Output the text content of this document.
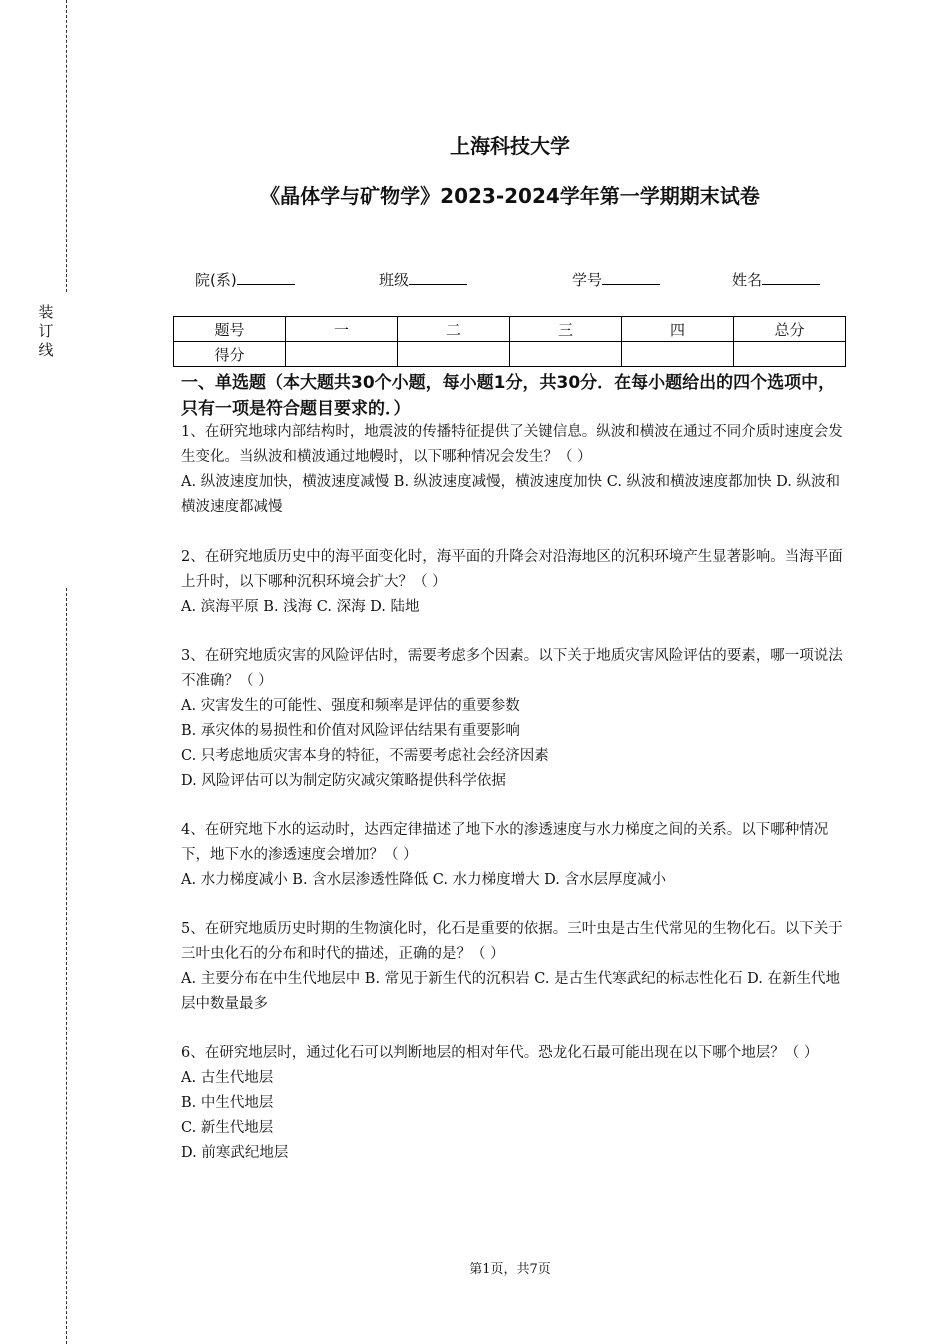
装
订
线
上海科技大学
《晶体学与矿物学》2023-2024学年第一学期期末试卷
院(系)	班级	学号	姓名
题号	一	二	三	四	总分
得分					
一、单选题（本大题共30个小题，每小题1分，共30分．在每小题给出的四个选项中，只有一项是符合题目要求的．）

1、在研究地球内部结构时，地震波的传播特征提供了关键信息。纵波和横波在通过不同介质时速度会发生变化。当纵波和横波通过地幔时，以下哪种情况会发生？（ ）

A. 纵波速度加快，横波速度减慢 B. 纵波速度减慢，横波速度加快 C. 纵波和横波速度都加快 D. 纵波和横波速度都减慢

2、在研究地质历史中的海平面变化时，海平面的升降会对沿海地区的沉积环境产生显著影响。当海平面上升时，以下哪种沉积环境会扩大？（ ）

A. 滨海平原 B. 浅海 C. 深海 D. 陆地

3、在研究地质灾害的风险评估时，需要考虑多个因素。以下关于地质灾害风险评估的要素，哪一项说法不准确？（ ）

A. 灾害发生的可能性、强度和频率是评估的重要参数

B. 承灾体的易损性和价值对风险评估结果有重要影响

C. 只考虑地质灾害本身的特征，不需要考虑社会经济因素

D. 风险评估可以为制定防灾减灾策略提供科学依据

4、在研究地下水的运动时，达西定律描述了地下水的渗透速度与水力梯度之间的关系。以下哪种情况下，地下水的渗透速度会增加？（ ）

A. 水力梯度减小 B. 含水层渗透性降低 C. 水力梯度增大 D. 含水层厚度减小

5、在研究地质历史时期的生物演化时，化石是重要的依据。三叶虫是古生代常见的生物化石。以下关于三叶虫化石的分布和时代的描述，正确的是？（ ）

A. 主要分布在中生代地层中 B. 常见于新生代的沉积岩 C. 是古生代寒武纪的标志性化石 D. 在新生代地层中数量最多

6、在研究地层时，通过化石可以判断地层的相对年代。恐龙化石最可能出现在以下哪个地层？（ ）

A. 古生代地层

B. 中生代地层

C. 新生代地层

D. 前寒武纪地层

第1页，共7页
